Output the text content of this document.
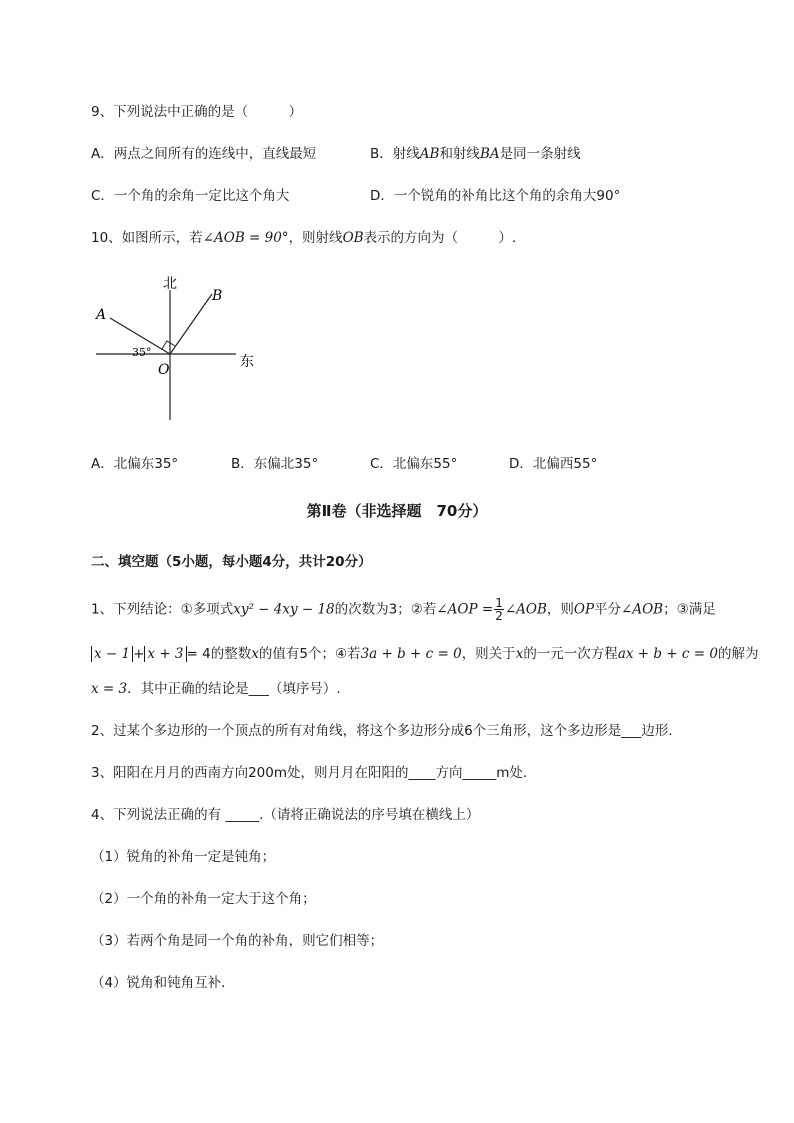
9、下列说法中正确的是（　　　）
A．两点之间所有的连线中，直线最短	B．射线AB和射线BA是同一条射线
C．一个角的余角一定比这个角大	D．一个锐角的补角比这个角的余角大90°
10、如图所示，若∠AOB = 90°，则射线OB表示的方向为（　　　）.
北
东
A
B
O
35°
A．北偏东35°	B．东偏北35°	C．北偏东55°	D．北偏西55°
第Ⅱ卷（非选择题　70分）
二、填空题（5小题，每小题4分，共计20分）
1、下列结论：①多项式xy² − 4xy − 18的次数为3；②若∠AOP = $\frac{1}{2}$ ∠AOB，则OP平分∠AOB；③满足
x − 1 + x + 3 = 4的整数x的值有5个；④若3a + b + c = 0，则关于x的一元一次方程ax + b + c = 0的解为
x = 3．其中正确的结论是___（填序号）.
2、过某个多边形的一个顶点的所有对角线，将这个多边形分成6个三角形，这个多边形是___边形．
3、阳阳在月月的西南方向200m处，则月月在阳阳的____方向_____m处．
4、下列说法正确的有 _____.（请将正确说法的序号填在横线上）
（1）锐角的补角一定是钝角；
（2）一个角的补角一定大于这个角；
（3）若两个角是同一个角的补角，则它们相等；
（4）锐角和钝角互补．
